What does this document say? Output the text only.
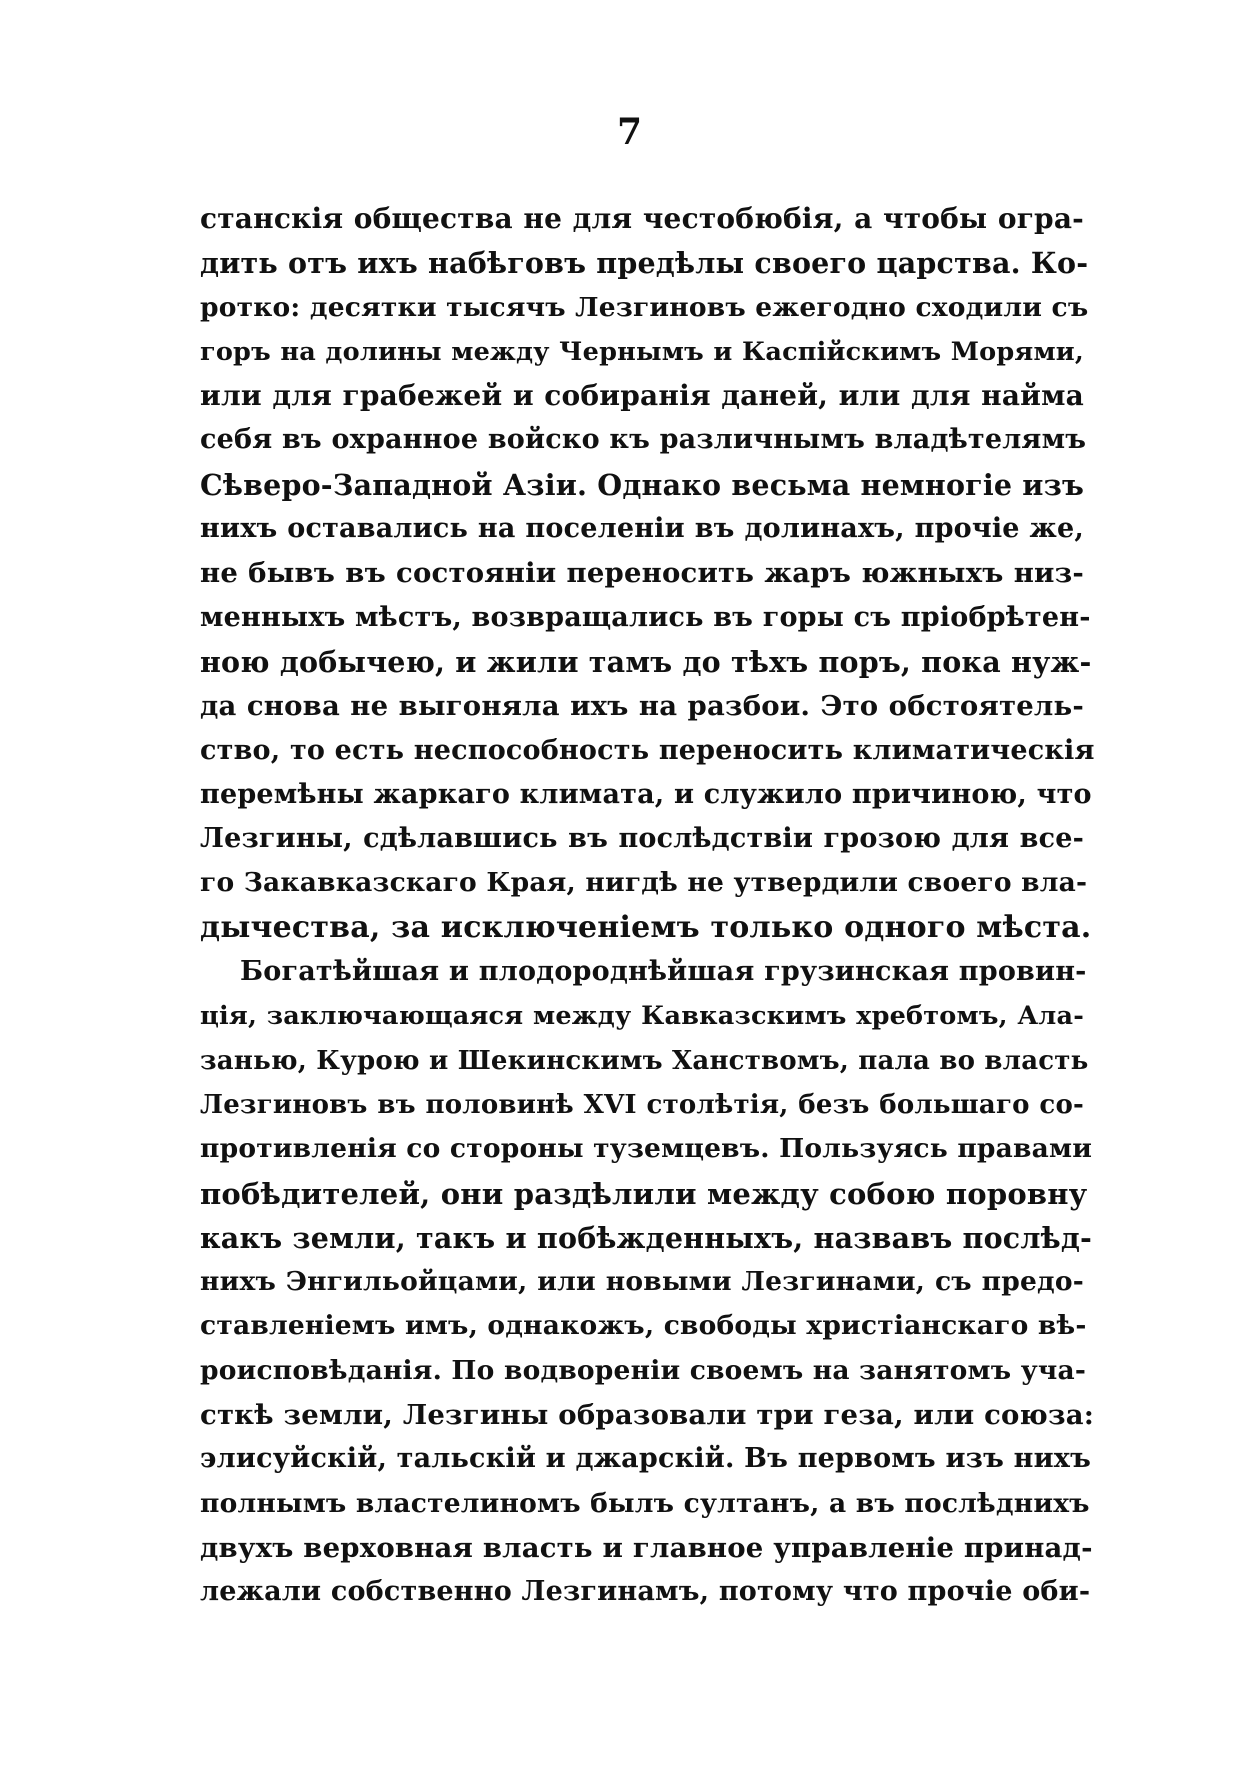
7
станскія общества не для честобюбія, а чтобы огра-
дить отъ ихъ набѣговъ предѣлы своего царства. Ко-
ротко: десятки тысячъ Лезгиновъ ежегодно сходили съ
горъ на долины между Чернымъ и Каспійскимъ Морями,
или для грабежей и собиранія даней, или для найма
себя въ охранное войско къ различнымъ владѣтелямъ
Сѣверо-Западной Азіи. Однако весьма немногіе изъ
нихъ оставались на поселеніи въ долинахъ, прочіе же,
не бывъ въ состояніи переносить жаръ южныхъ низ-
менныхъ мѣстъ, возвращались въ горы съ пріобрѣтен-
ною добычею, и жили тамъ до тѣхъ поръ, пока нуж-
да снова не выгоняла ихъ на разбои. Это обстоятель-
ство, то есть неспособность переносить климатическія
перемѣны жаркаго климата, и служило причиною, что
Лезгины, сдѣлавшись въ послѣдствіи грозою для все-
го Закавказскаго Края, нигдѣ не утвердили своего вла-
дычества, за исключеніемъ только одного мѣста.
Богатѣйшая и плодороднѣйшая грузинская провин-
ція, заключающаяся между Кавказскимъ хребтомъ, Ала-
занью, Курою и Шекинскимъ Ханствомъ, пала во власть
Лезгиновъ въ половинѣ XVI столѣтія, безъ большаго со-
противленія со стороны туземцевъ. Пользуясь правами
побѣдителей, они раздѣлили между собою поровну
какъ земли, такъ и побѣжденныхъ, назвавъ послѣд-
нихъ Энгильойцами, или новыми Лезгинами, съ предо-
ставленіемъ имъ, однакожъ, свободы христіанскаго вѣ-
роисповѣданія. По водвореніи своемъ на занятомъ уча-
сткѣ земли, Лезгины образовали три геза, или союза:
элисуйскій, тальскій и джарскій. Въ первомъ изъ нихъ
полнымъ властелиномъ былъ султанъ, а въ послѣднихъ
двухъ верховная власть и главное управленіе принад-
лежали собственно Лезгинамъ, потому что прочіе оби-
